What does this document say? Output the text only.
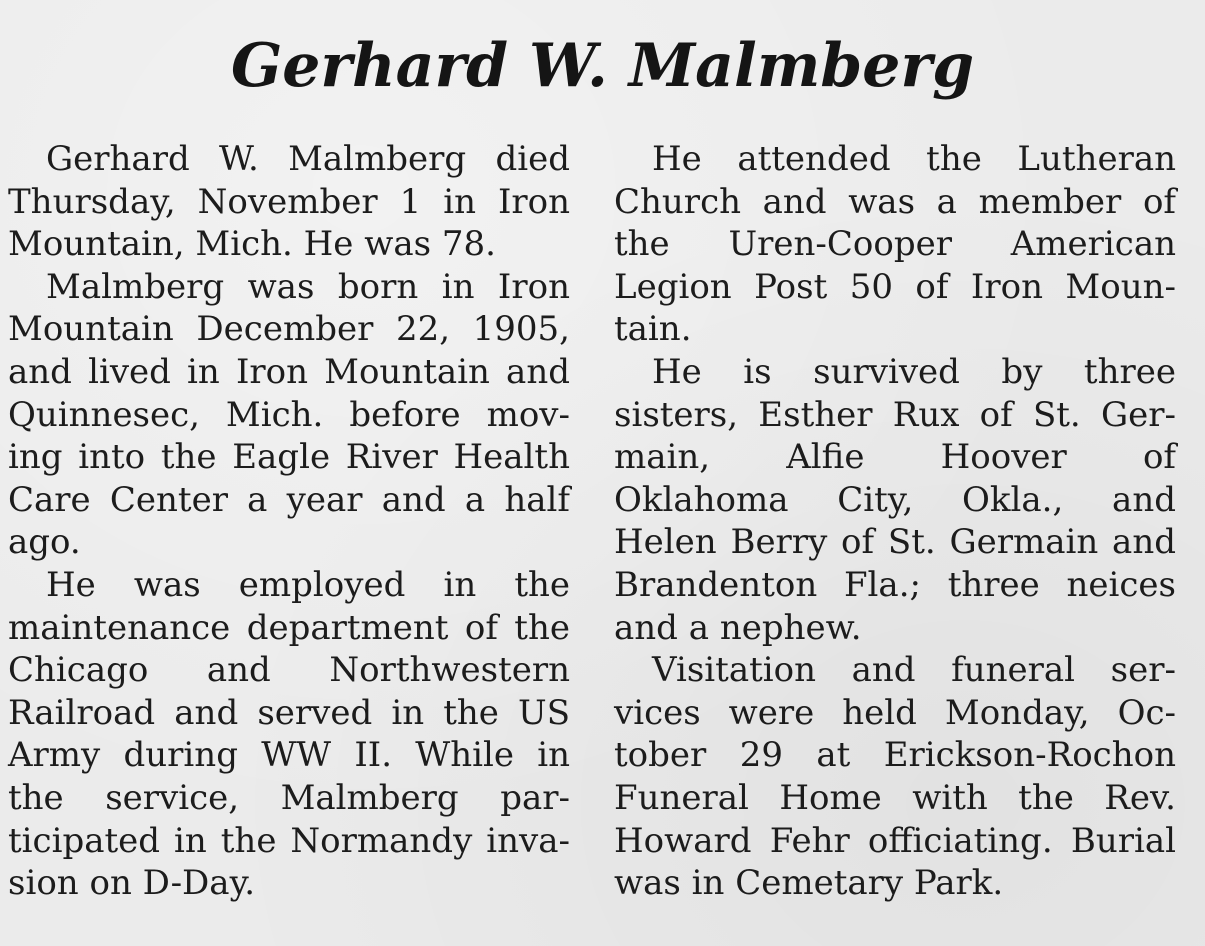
Gerhard W. Malmberg
Gerhard W. Malmberg died
Thursday, November 1 in Iron
Mountain, Mich. He was 78.
Malmberg was born in Iron
Mountain December 22, 1905,
and lived in Iron Mountain and
Quinnesec, Mich. before mov-
ing into the Eagle River Health
Care Center a year and a half
ago.
He was employed in the
maintenance department of the
Chicago and Northwestern
Railroad and served in the US
Army during WW II. While in
the service, Malmberg par-
ticipated in the Normandy inva-
sion on D-Day.
He attended the Lutheran
Church and was a member of
the Uren-Cooper American
Legion Post 50 of Iron Moun-
tain.
He is survived by three
sisters, Esther Rux of St. Ger-
main, Alfie Hoover of
Oklahoma City, Okla., and
Helen Berry of St. Germain and
Brandenton Fla.; three neices
and a nephew.
Visitation and funeral ser-
vices were held Monday, Oc-
tober 29 at Erickson-Rochon
Funeral Home with the Rev.
Howard Fehr officiating. Burial
was in Cemetary Park.
